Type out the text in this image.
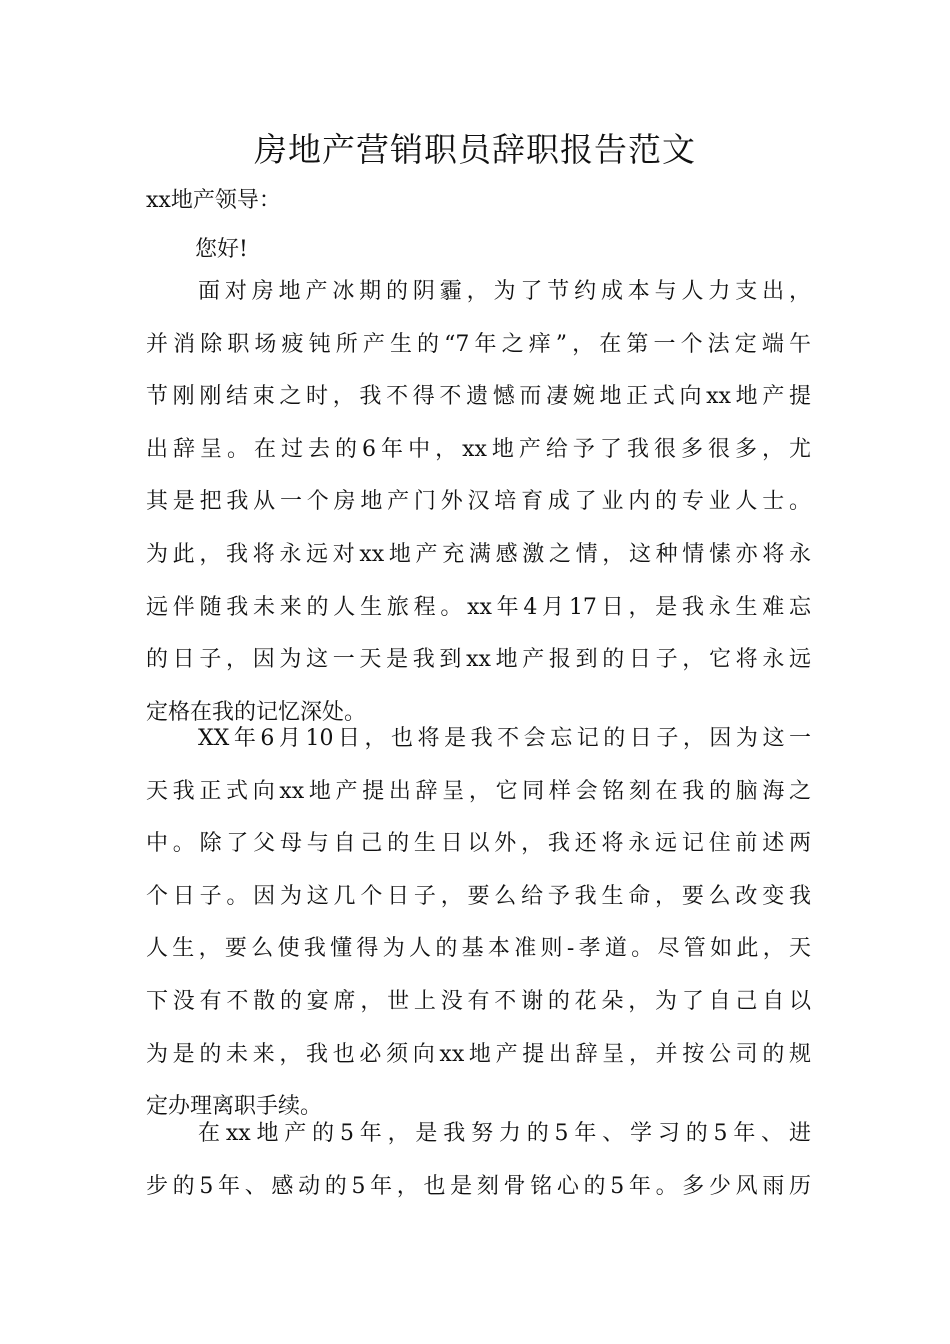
房地产营销职员辞职报告范文
xx地产领导：
您好!
面对房地产冰期的阴霾，为了节约成本与人力支出，
并消除职场疲钝所产生的“7年之痒”，在第一个法定端午
节刚刚结束之时，我不得不遗憾而凄婉地正式向xx地产提
出辞呈。在过去的6年中，xx地产给予了我很多很多，尤
其是把我从一个房地产门外汉培育成了业内的专业人士。
为此，我将永远对xx地产充满感激之情，这种情愫亦将永
远伴随我未来的人生旅程。xx年4月17日，是我永生难忘
的日子，因为这一天是我到xx地产报到的日子，它将永远
定格在我的记忆深处。
XX年6月10日，也将是我不会忘记的日子，因为这一
天我正式向xx地产提出辞呈，它同样会铭刻在我的脑海之
中。除了父母与自己的生日以外，我还将永远记住前述两
个日子。因为这几个日子，要么给予我生命，要么改变我
人生，要么使我懂得为人的基本准则-孝道。尽管如此，天
下没有不散的宴席，世上没有不谢的花朵，为了自己自以
为是的未来，我也必须向xx地产提出辞呈，并按公司的规
定办理离职手续。
在xx地产的5年，是我努力的5年、学习的5年、进
步的5年、感动的5年，也是刻骨铭心的5年。多少风雨历
